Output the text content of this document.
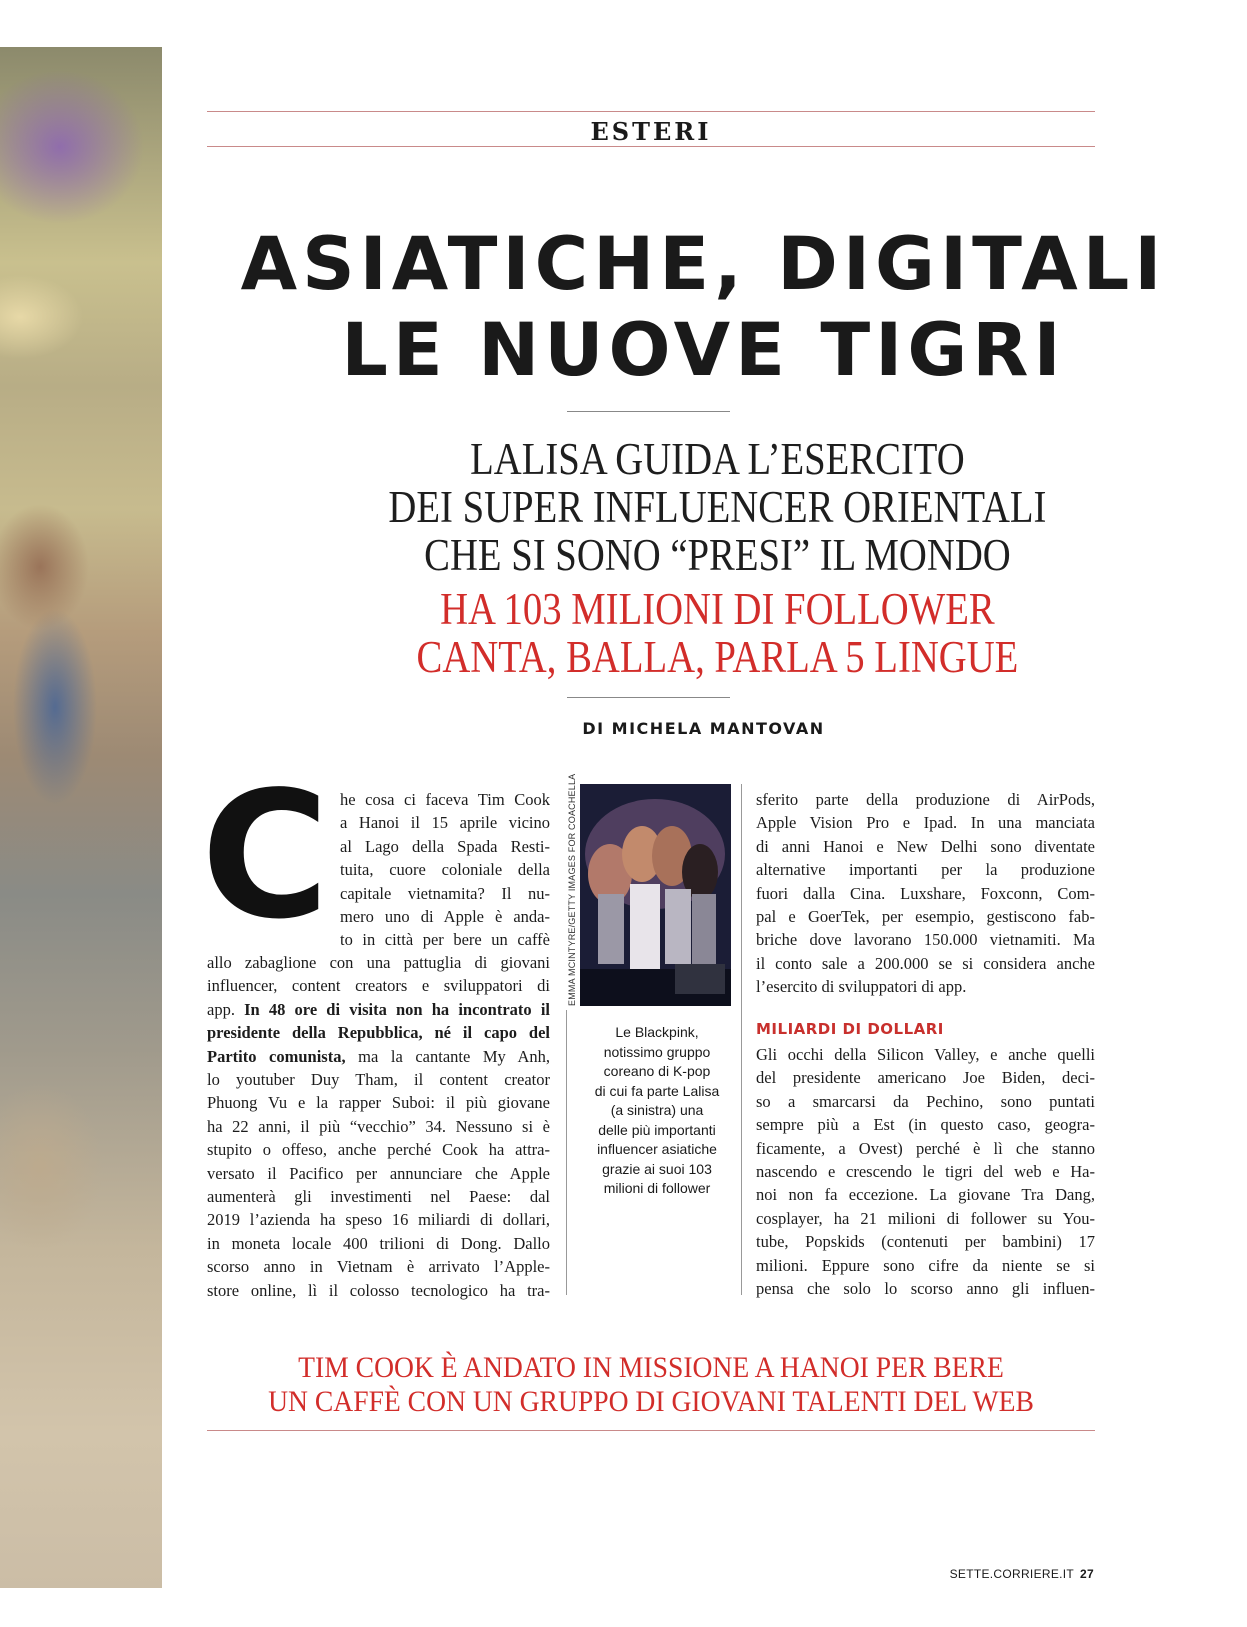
ESTERI
ASIATICHE, DIGITALI
LE NUOVE TIGRI
LALISA GUIDA L’ESERCITO
DEI SUPER INFLUENCER ORIENTALI
CHE SI SONO “PRESI” IL MONDO
HA 103 MILIONI DI FOLLOWER
CANTA, BALLA, PARLA 5 LINGUE
DI MICHELA MANTOVAN
C he cosa ci faceva Tim Cook
a Hanoi il 15 aprile vicino
al Lago della Spada Resti-
tuita, cuore coloniale della
capitale vietnamita? Il nu-
mero uno di Apple è anda-
to in città per bere un caffè
allo zabaglione con una pattuglia di giovani
influencer, content creators e sviluppatori di
app. In 48 ore di visita non ha incontrato il
presidente della Repubblica, né il capo del
Partito comunista, ma la cantante My Anh,
lo youtuber Duy Tham, il content creator
Phuong Vu e la rapper Suboi: il più giovane
ha 22 anni, il più “vecchio” 34. Nessuno si è
stupito o offeso, anche perché Cook ha attra-
versato il Pacifico per annunciare che Apple
aumenterà gli investimenti nel Paese: dal
2019 l’azienda ha speso 16 miliardi di dollari,
in moneta locale 400 trilioni di Dong. Dallo
scorso anno in Vietnam è arrivato l’Apple-
store online, lì il colosso tecnologico ha tra-
EMMA MCINTYRE/GETTY IMAGES FOR COACHELLA
Le Blackpink,
notissimo gruppo
coreano di K-pop
di cui fa parte Lalisa
(a sinistra) una
delle più importanti
influencer asiatiche
grazie ai suoi 103
milioni di follower
sferito parte della produzione di AirPods,
Apple Vision Pro e Ipad. In una manciata
di anni Hanoi e New Delhi sono diventate
alternative importanti per la produzione
fuori dalla Cina. Luxshare, Foxconn, Com-
pal e GoerTek, per esempio, gestiscono fab-
briche dove lavorano 150.000 vietnamiti. Ma
il conto sale a 200.000 se si considera anche
l’esercito di sviluppatori di app.
MILIARDI DI DOLLARI
Gli occhi della Silicon Valley, e anche quelli
del presidente americano Joe Biden, deci-
so a smarcarsi da Pechino, sono puntati
sempre più a Est (in questo caso, geogra-
ficamente, a Ovest) perché è lì che stanno
nascendo e crescendo le tigri del web e Ha-
noi non fa eccezione. La giovane Tra Dang,
cosplayer, ha 21 milioni di follower su You-
tube, Popskids (contenuti per bambini) 17
milioni. Eppure sono cifre da niente se si
pensa che solo lo scorso anno gli influen-
TIM COOK È ANDATO IN MISSIONE A HANOI PER BERE
UN CAFFÈ CON UN GRUPPO DI GIOVANI TALENTI DEL WEB
SETTE.CORRIERE.IT 27
